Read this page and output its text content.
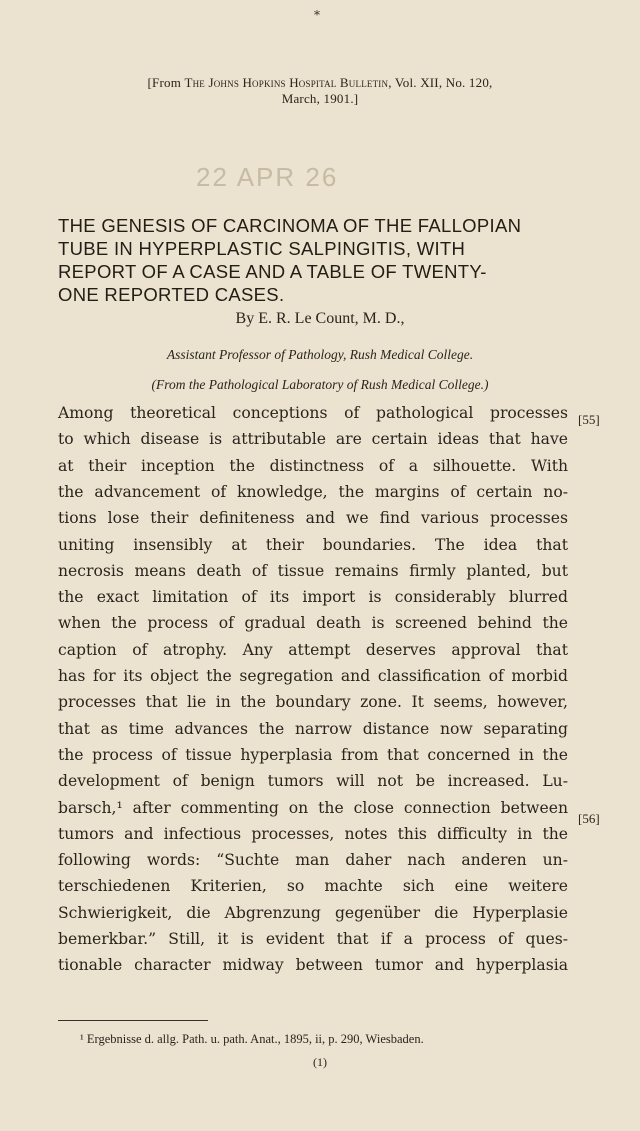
*
[From The Johns Hopkins Hospital Bulletin, Vol. XII, No. 120,
March, 1901.]
22 APR 26
THE GENESIS OF CARCINOMA OF THE FALLOPIAN
TUBE IN HYPERPLASTIC SALPINGITIS, WITH
REPORT OF A CASE AND A TABLE OF TWENTY-
ONE REPORTED CASES.
By E. R. Le Count, M. D.,
Assistant Professor of Pathology, Rush Medical College.
(From the Pathological Laboratory of Rush Medical College.)
Among theoretical conceptions of pathological processes
to which disease is attributable are certain ideas that have
at their inception the distinctness of a silhouette. With
the advancement of knowledge, the margins of certain no-
tions lose their definiteness and we find various processes
uniting insensibly at their boundaries. The idea that
necrosis means death of tissue remains firmly planted, but
the exact limitation of its import is considerably blurred
when the process of gradual death is screened behind the
caption of atrophy. Any attempt deserves approval that
has for its object the segregation and classification of morbid
processes that lie in the boundary zone. It seems, however,
that as time advances the narrow distance now separating
the process of tissue hyperplasia from that concerned in the
development of benign tumors will not be increased. Lu-
barsch,¹ after commenting on the close connection between
tumors and infectious processes, notes this difficulty in the
following words: “Suchte man daher nach anderen un-
terschiedenen Kriterien, so machte sich eine weitere
Schwierigkeit, die Abgrenzung gegenüber die Hyperplasie
bemerkbar.” Still, it is evident that if a process of ques-
tionable character midway between tumor and hyperplasia
[55]
[56]
¹ Ergebnisse d. allg. Path. u. path. Anat., 1895, ii, p. 290, Wiesbaden.
(1)
